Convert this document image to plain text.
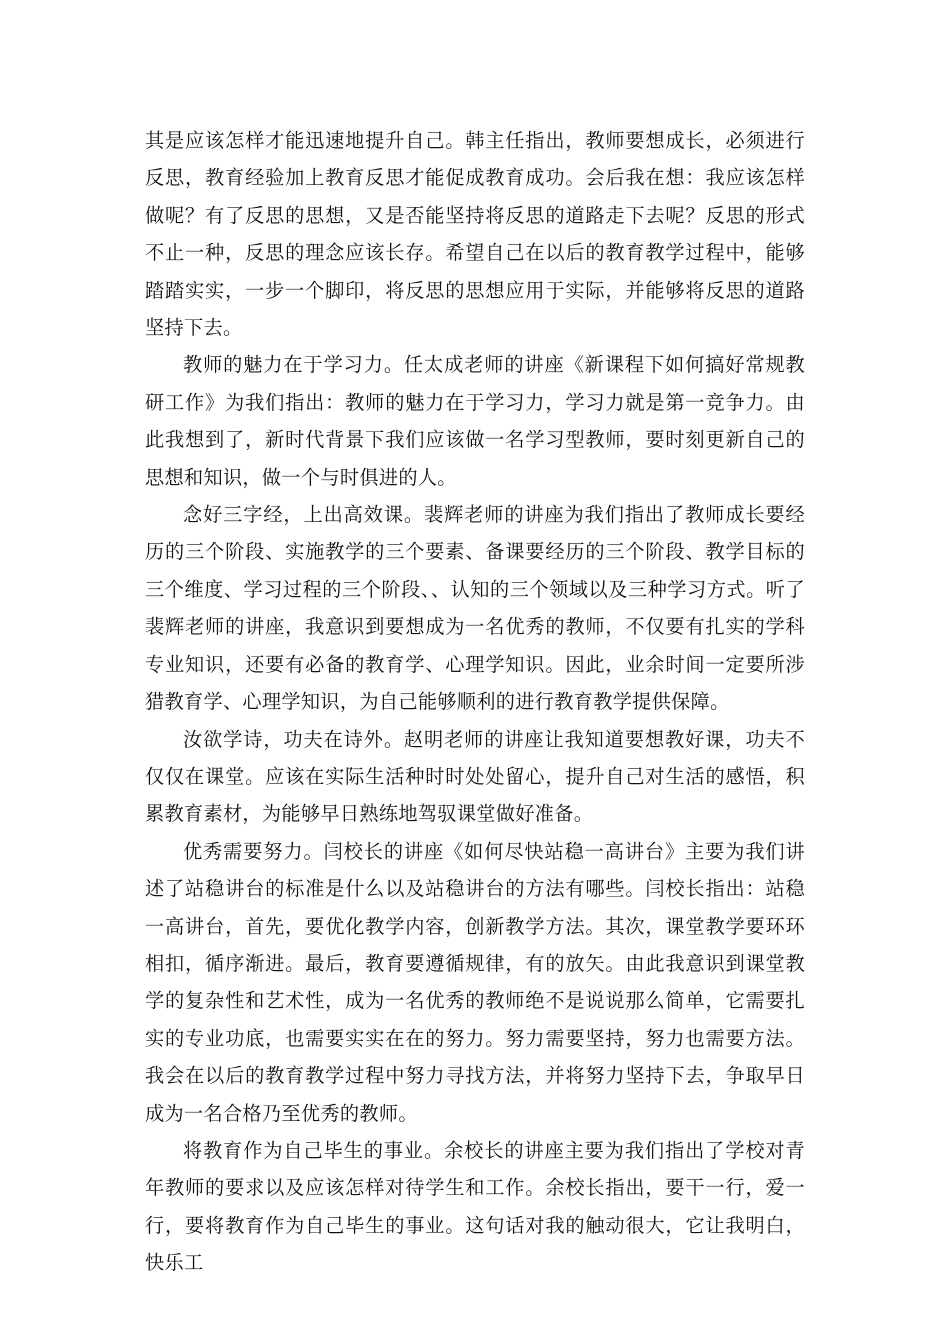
其是应该怎样才能迅速地提升自己。韩主任指出，教师要想成长，必须进行反思，教育经验加上教育反思才能促成教育成功。会后我在想：我应该怎样做呢？有了反思的思想，又是否能坚持将反思的道路走下去呢？反思的形式不止一种，反思的理念应该长存。希望自己在以后的教育教学过程中，能够踏踏实实，一步一个脚印，将反思的思想应用于实际，并能够将反思的道路坚持下去。

教师的魅力在于学习力。任太成老师的讲座《新课程下如何搞好常规教研工作》为我们指出：教师的魅力在于学习力，学习力就是第一竞争力。由此我想到了，新时代背景下我们应该做一名学习型教师，要时刻更新自己的思想和知识，做一个与时俱进的人。

念好三字经，上出高效课。裴辉老师的讲座为我们指出了教师成长要经历的三个阶段、实施教学的三个要素、备课要经历的三个阶段、教学目标的三个维度、学习过程的三个阶段、、认知的三个领域以及三种学习方式。听了裴辉老师的讲座，我意识到要想成为一名优秀的教师，不仅要有扎实的学科专业知识，还要有必备的教育学、心理学知识。因此，业余时间一定要所涉猎教育学、心理学知识，为自己能够顺利的进行教育教学提供保障。

汝欲学诗，功夫在诗外。赵明老师的讲座让我知道要想教好课，功夫不仅仅在课堂。应该在实际生活种时时处处留心，提升自己对生活的感悟，积累教育素材，为能够早日熟练地驾驭课堂做好准备。

优秀需要努力。闫校长的讲座《如何尽快站稳一高讲台》主要为我们讲述了站稳讲台的标准是什么以及站稳讲台的方法有哪些。闫校长指出：站稳一高讲台，首先，要优化教学内容，创新教学方法。其次，课堂教学要环环相扣，循序渐进。最后，教育要遵循规律，有的放矢。由此我意识到课堂教学的复杂性和艺术性，成为一名优秀的教师绝不是说说那么简单，它需要扎实的专业功底，也需要实实在在的努力。努力需要坚持，努力也需要方法。我会在以后的教育教学过程中努力寻找方法，并将努力坚持下去，争取早日成为一名合格乃至优秀的教师。

将教育作为自己毕生的事业。余校长的讲座主要为我们指出了学校对青年教师的要求以及应该怎样对待学生和工作。余校长指出，要干一行，爱一行，要将教育作为自己毕生的事业。这句话对我的触动很大，它让我明白，快乐工
